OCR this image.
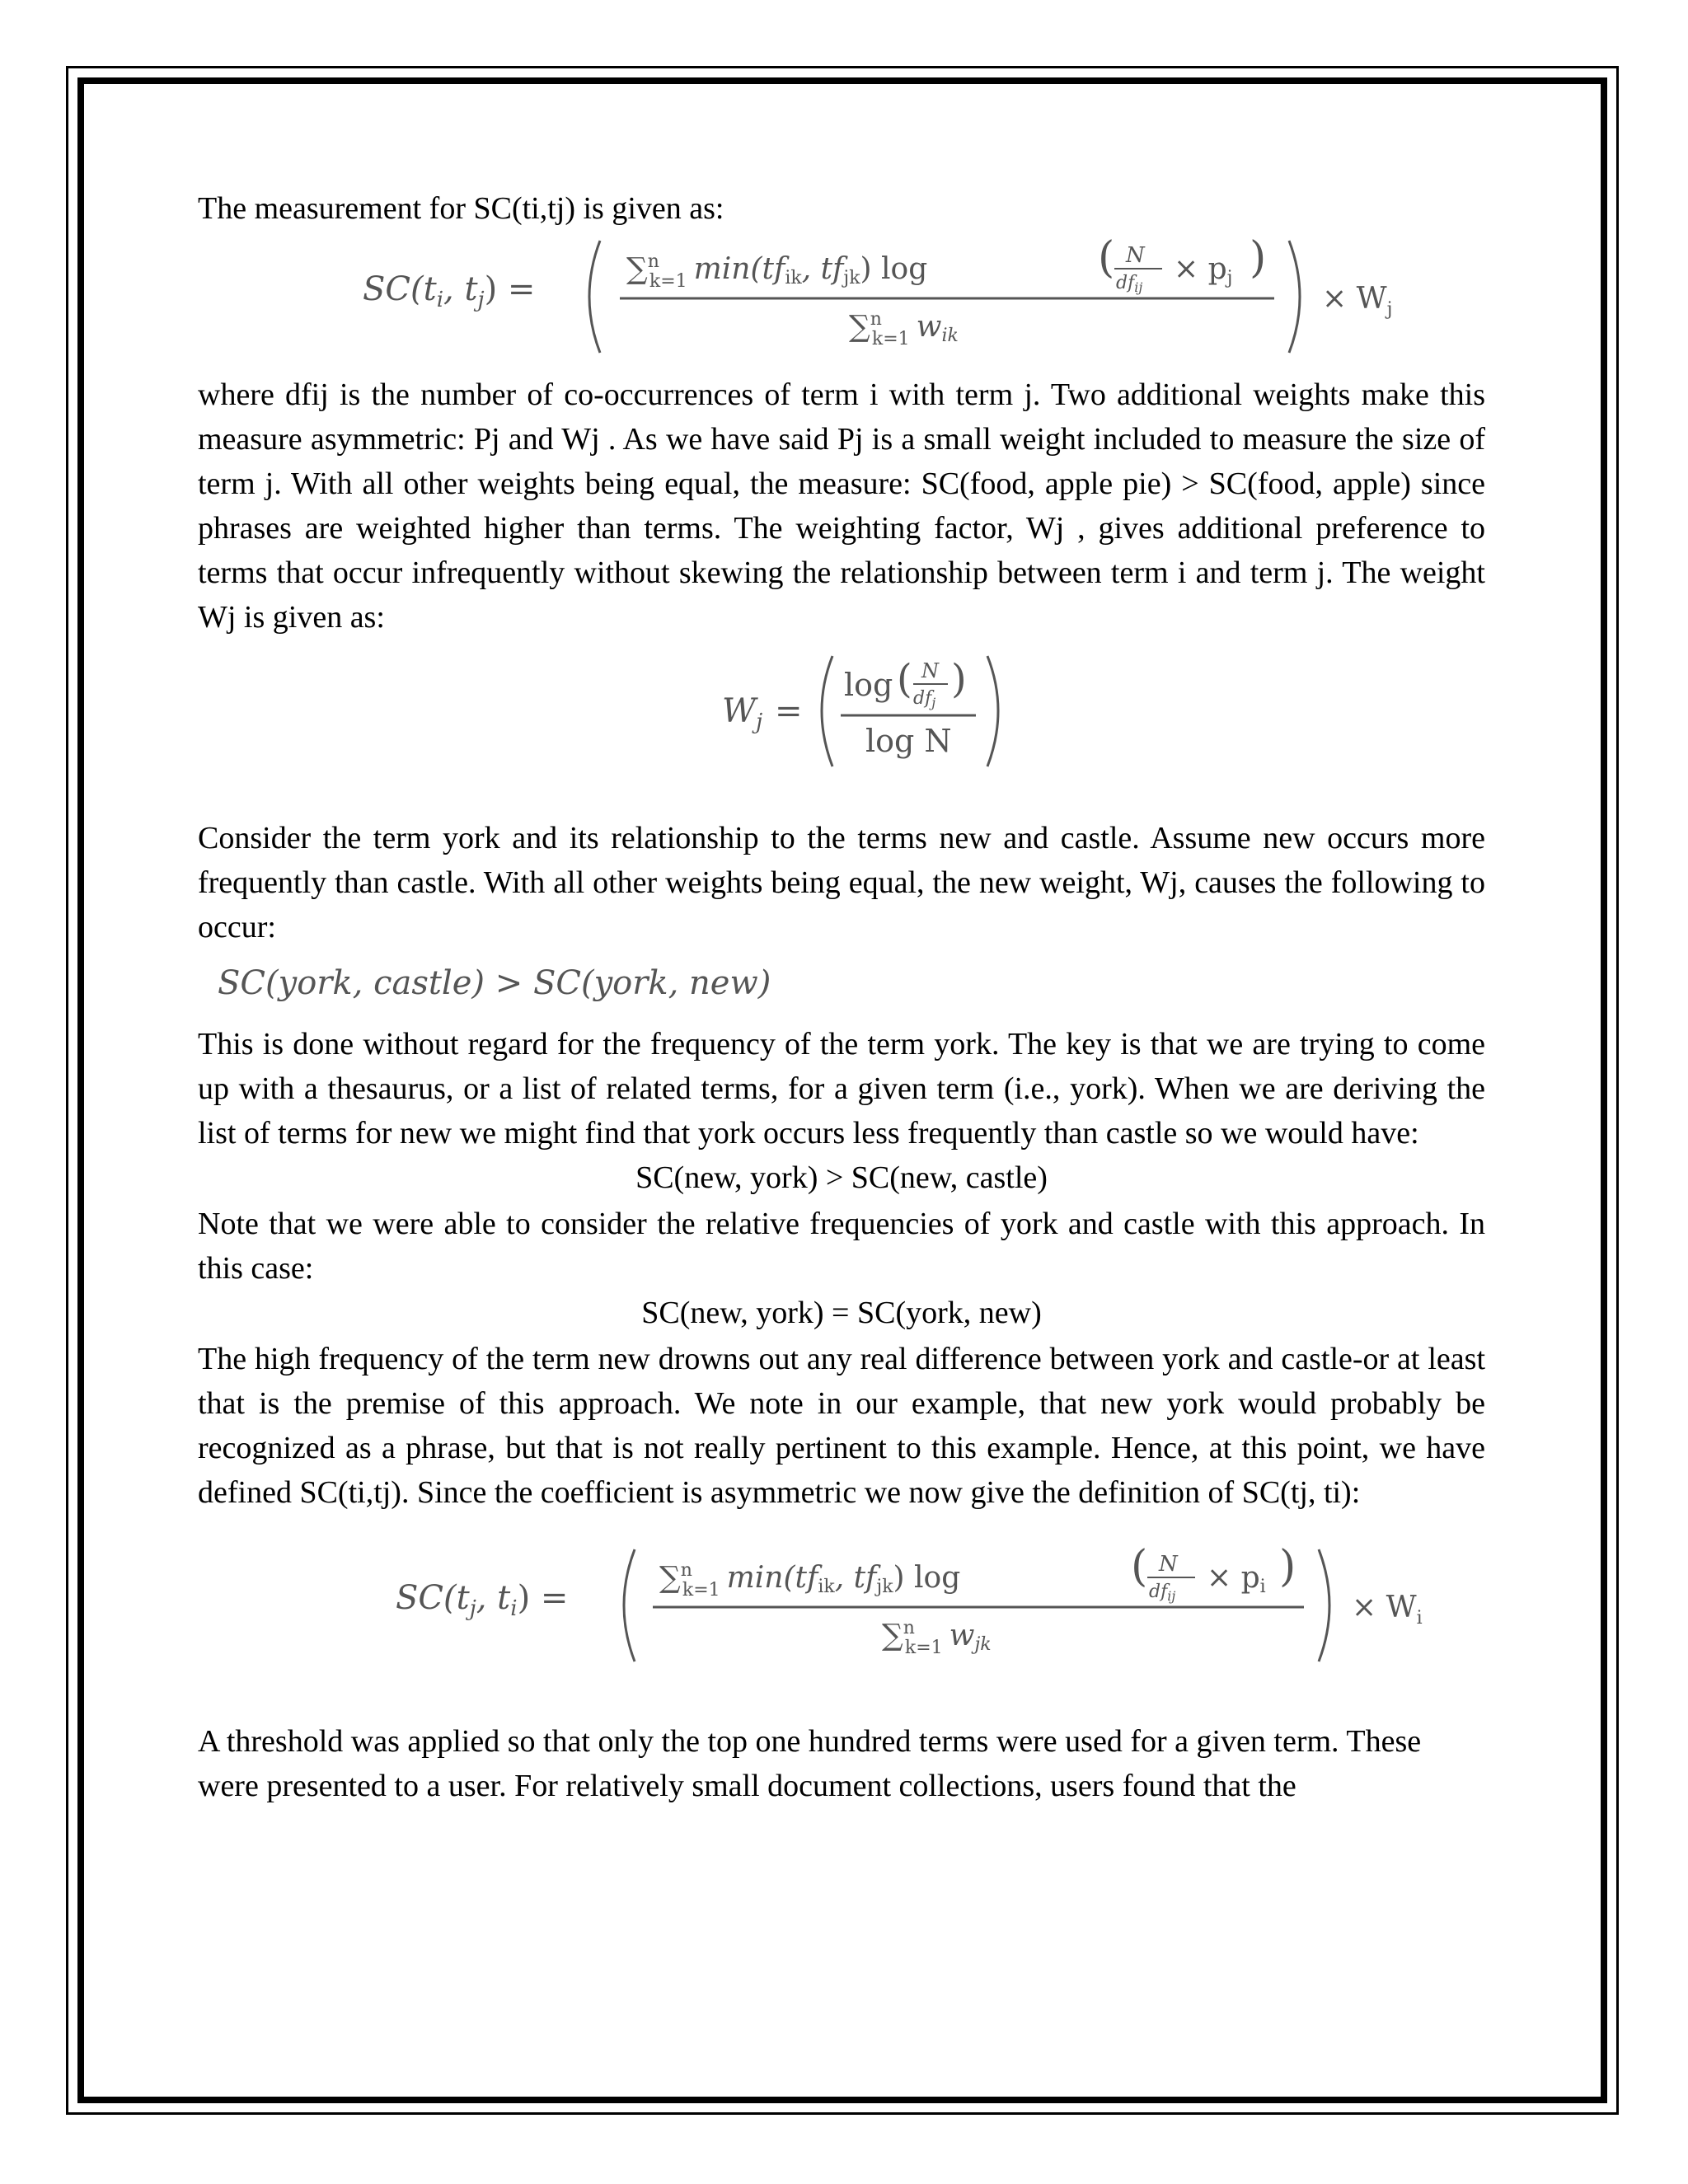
The measurement for SC(ti,tj) is given as:

$SC(t_i$, $t_j$) =
∑$^n$ k=1 min(tfik, tfjk) log	( N
dfij
× pj )
∑$^n$ k=1 wik
× $W_j$

where dfij is the number of co-occurrences of term i with term j. Two additional weights make this measure asymmetric: Pj and Wj . As we have said Pj is a small weight included to measure the size of term j. With all other weights being equal, the measure: SC(food, apple pie) > SC(food, apple) since phrases are weighted higher than terms. The weighting factor, Wj , gives additional preference to terms that occur infrequently without skewing the relationship between term i and term j. The weight Wj is given as:

$W_j$ =
log ( N
dfj
)
log N

Consider the term york and its relationship to the terms new and castle. Assume new occurs more frequently than castle. With all other weights being equal, the new weight, Wj, causes the following to occur:

SC(york, castle) > SC(york, new)

This is done without regard for the frequency of the term york. The key is that we are trying to come up with a thesaurus, or a list of related terms, for a given term (i.e., york). When we are deriving the list of terms for new we might find that york occurs less frequently than castle so we would have:

SC(new, york) > SC(new, castle)

Note that we were able to consider the relative frequencies of york and castle with this approach. In this case:

SC(new, york) = SC(york, new)

The high frequency of the term new drowns out any real difference between york and castle-or at least that is the premise of this approach. We note in our example, that new york would probably be recognized as a phrase, but that is not really pertinent to this example. Hence, at this point, we have defined SC(ti,tj). Since the coefficient is asymmetric we now give the definition of SC(tj, ti):

$SC(t_j$, $t_i$) =
∑$^n$ k=1 min(tfik, tfjk) log	( N
dfij
× pi )
∑$^n$ k=1 wjk
× $W_i$

A threshold was applied so that only the top one hundred terms were used for a given term. These were presented to a user. For relatively small document collections, users found that the
